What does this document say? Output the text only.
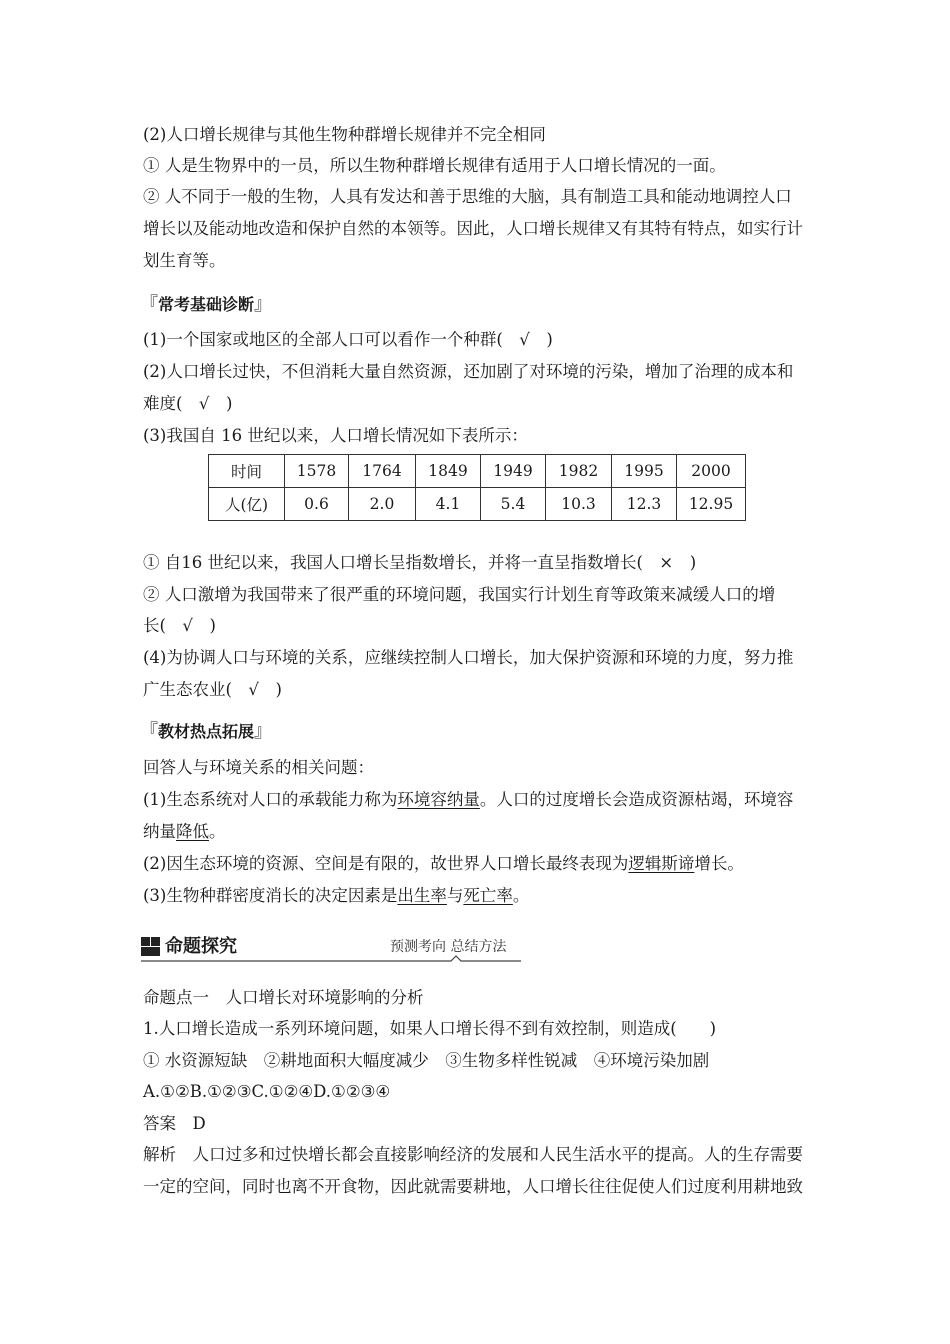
(2)人口增长规律与其他生物种群增长规律并不完全相同
① 人是生物界中的一员，所以生物种群增长规律有适用于人口增长情况的一面。
② 人不同于一般的生物，人具有发达和善于思维的大脑，具有制造工具和能动地调控人口
增长以及能动地改造和保护自然的本领等。因此，人口增长规律又有其特有特点，如实行计
划生育等。
『常考基础诊断』
(1)一个国家或地区的全部人口可以看作一个种群(　√　)
(2)人口增长过快，不但消耗大量自然资源，还加剧了对环境的污染，增加了治理的成本和
难度(　√　)
(3)我国自 16 世纪以来，人口增长情况如下表所示：
时间	1578	1764	1849	1949	1982	1995	2000
人(亿)	0.6	2.0	4.1	5.4	10.3	12.3	12.95
① 自16 世纪以来，我国人口增长呈指数增长，并将一直呈指数增长(　×　)
② 人口激增为我国带来了很严重的环境问题，我国实行计划生育等政策来减缓人口的增
长(　√　)
(4)为协调人口与环境的关系，应继续控制人口增长，加大保护资源和环境的力度，努力推
广生态农业(　√　)
『教材热点拓展』
回答人与环境关系的相关问题：
(1)生态系统对人口的承载能力称为环境容纳量。人口的过度增长会造成资源枯竭，环境容
纳量降低。
(2)因生态环境的资源、空间是有限的，故世界人口增长最终表现为逻辑斯谛增长。
(3)生物种群密度消长的决定因素是出生率与死亡率。
命题探究	预测考向 总结方法
命题点一　人口增长对环境影响的分析
1.人口增长造成一系列环境问题，如果人口增长得不到有效控制，则造成(　　)
① 水资源短缺　②耕地面积大幅度减少　③生物多样性锐减　④环境污染加剧
A.①②B.①②③C.①②④D.①②③④
答案　D
解析　人口过多和过快增长都会直接影响经济的发展和人民生活水平的提高。人的生存需要
一定的空间，同时也离不开食物，因此就需要耕地，人口增长往往促使人们过度利用耕地致
